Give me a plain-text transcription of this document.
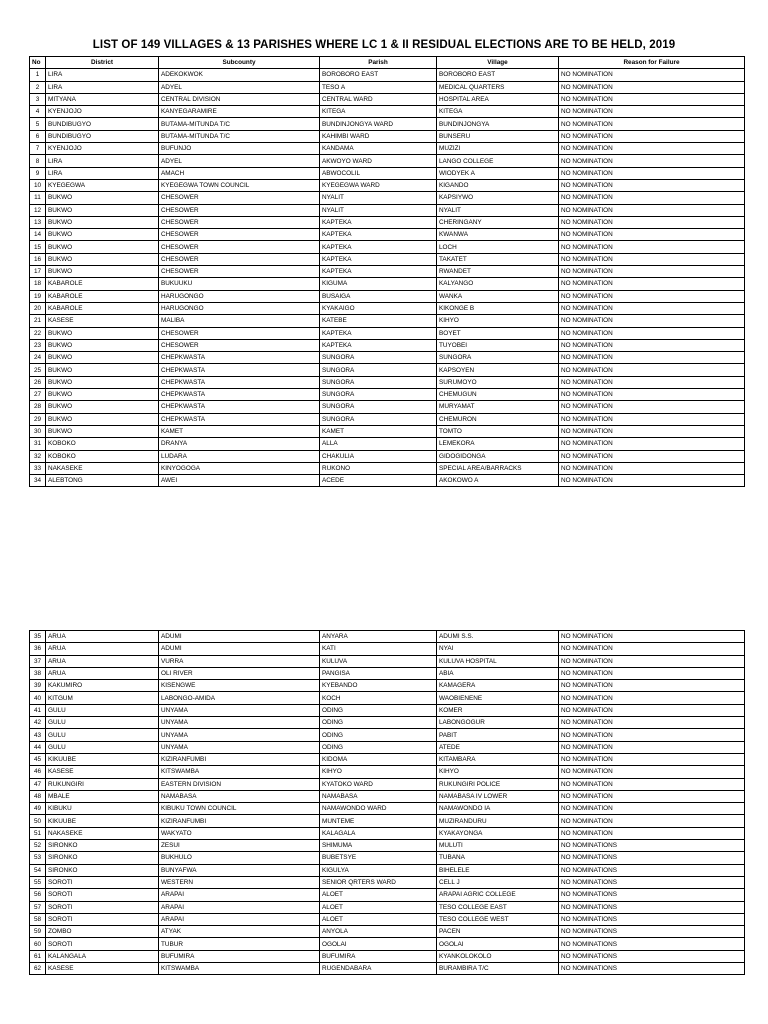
LIST OF 149 VILLAGES & 13 PARISHES WHERE LC 1 & II RESIDUAL ELECTIONS ARE TO BE HELD, 2019
No	District	Subcounty	Parish	Village	Reason for Failure
1	LIRA	ADEKOKWOK	BOROBORO EAST	BOROBORO EAST	NO NOMINATION
2	LIRA	ADYEL	TESO A	MEDICAL QUARTERS	NO NOMINATION
3	MITYANA	CENTRAL DIVISION	CENTRAL WARD	HOSPITAL AREA	NO NOMINATION
4	KYENJOJO	KANYEGARAMIRE	KITEGA	KITEGA	NO NOMINATION
5	BUNDIBUGYO	BUTAMA-MITUNDA T/C	BUNDINJONGYA WARD	BUNDINJONGYA	NO NOMINATION
6	BUNDIBUGYO	BUTAMA-MITUNDA T/C	KAHIMBI WARD	BUNSERU	NO NOMINATION
7	KYENJOJO	BUFUNJO	KANDAMA	MUZIZI	NO NOMINATION
8	LIRA	ADYEL	AKWOYO WARD	LANGO COLLEGE	NO NOMINATION
9	LIRA	AMACH	ABWOCOLIL	WIODYEK A	NO NOMINATION
10	KYEGEGWA	KYEGEGWA TOWN COUNCIL	KYEGEGWA WARD	KIGANDO	NO NOMINATION
11	BUKWO	CHESOWER	NYALIT	KAPSIYWO	NO NOMINATION
12	BUKWO	CHESOWER	NYALIT	NYALIT	NO NOMINATION
13	BUKWO	CHESOWER	KAPTEKA	CHERINGANY	NO NOMINATION
14	BUKWO	CHESOWER	KAPTEKA	KWANWA	NO NOMINATION
15	BUKWO	CHESOWER	KAPTEKA	LOCH	NO NOMINATION
16	BUKWO	CHESOWER	KAPTEKA	TAKATET	NO NOMINATION
17	BUKWO	CHESOWER	KAPTEKA	RWANDET	NO NOMINATION
18	KABAROLE	BUKUUKU	KIGUMA	KALYANGO	NO NOMINATION
19	KABAROLE	HARUGONGO	BUSAIGA	WANKA	NO NOMINATION
20	KABAROLE	HARUGONGO	KYAKAIGO	KIKONGE B	NO NOMINATION
21	KASESE	MALIBA	KATEBE	KIHYO	NO NOMINATION
22	BUKWO	CHESOWER	KAPTEKA	BOYET	NO NOMINATION
23	BUKWO	CHESOWER	KAPTEKA	TUYOBEI	NO NOMINATION
24	BUKWO	CHEPKWASTA	SUNGORA	SUNGORA	NO NOMINATION
25	BUKWO	CHEPKWASTA	SUNGORA	KAPSOYEN	NO NOMINATION
26	BUKWO	CHEPKWASTA	SUNGORA	SURUMOYO	NO NOMINATION
27	BUKWO	CHEPKWASTA	SUNGORA	CHEMUGUN	NO NOMINATION
28	BUKWO	CHEPKWASTA	SUNGORA	MURYAMAT	NO NOMINATION
29	BUKWO	CHEPKWASTA	SUNGORA	CHEMURON	NO NOMINATION
30	BUKWO	KAMET	KAMET	TOMTO	NO NOMINATION
31	KOBOKO	DRANYA	ALLA	LEMEKORA	NO NOMINATION
32	KOBOKO	LUDARA	CHAKULIA	GIDOGIDONGA	NO NOMINATION
33	NAKASEKE	KINYOGOGA	RUKONO	SPECIAL AREA/BARRACKS	NO NOMINATION
34	ALEBTONG	AWEI	ACEDE	AKOKOWO A	NO NOMINATION
35	ARUA	ADUMI	ANYARA	ADUMI S.S.	NO NOMINATION
36	ARUA	ADUMI	KATI	NYAI	NO NOMINATION
37	ARUA	VURRA	KULUVA	KULUVA HOSPITAL	NO NOMINATION
38	ARUA	OLI RIVER	PANGISA	ABIA	NO NOMINATION
39	KAKUMIRO	KISENGWE	KYEBANDO	KAMAGERA	NO NOMINATION
40	KITGUM	LABONGO-AMIDA	KOCH	WAOBIENENE	NO NOMINATION
41	GULU	UNYAMA	ODING	KOMER	NO NOMINATION
42	GULU	UNYAMA	ODING	LABONGOGUR	NO NOMINATION
43	GULU	UNYAMA	ODING	PABIT	NO NOMINATION
44	GULU	UNYAMA	ODING	ATEDE	NO NOMINATION
45	KIKUUBE	KIZIRANFUMBI	KIDOMA	KITAMBARA	NO NOMINATION
46	KASESE	KITSWAMBA	KIHYO	KIHYO	NO NOMINATION
47	RUKUNGIRI	EASTERN DIVISION	KYATOKO WARD	RUKUNGIRI POLICE	NO NOMINATION
48	MBALE	NAMABASA	NAMABASA	NAMABASA IV LOWER	NO NOMINATION
49	KIBUKU	KIBUKU TOWN COUNCIL	NAMAWONDO WARD	NAMAWONDO IA	NO NOMINATION
50	KIKUUBE	KIZIRANFUMBI	MUNTEME	MUZIRANDURU	NO NOMINATION
51	NAKASEKE	WAKYATO	KALAGALA	KYAKAYONGA	NO NOMINATION
52	SIRONKO	ZESUI	SHIMUMA	MULUTI	NO NOMINATIONS
53	SIRONKO	BUKHULO	BUBETSYE	TUBANA	NO NOMINATIONS
54	SIRONKO	BUNYAFWA	KIGULYA	BIHELELE	NO NOMINATIONS
55	SOROTI	WESTERN	SENIOR QRTERS WARD	CELL J	NO NOMINATIONS
56	SOROTI	ARAPAI	ALOET	ARAPAI AGRIC COLLEGE	NO NOMINATIONS
57	SOROTI	ARAPAI	ALOET	TESO COLLEGE EAST	NO NOMINATIONS
58	SOROTI	ARAPAI	ALOET	TESO COLLEGE WEST	NO NOMINATIONS
59	ZOMBO	ATYAK	ANYOLA	PACEN	NO NOMINATIONS
60	SOROTI	TUBUR	OGOLAI	OGOLAI	NO NOMINATIONS
61	KALANGALA	BUFUMIRA	BUFUMIRA	KYANKOLOKOLO	NO NOMINATIONS
62	KASESE	KITSWAMBA	RUGENDABARA	BURAMBIRA T/C	NO NOMINATIONS
